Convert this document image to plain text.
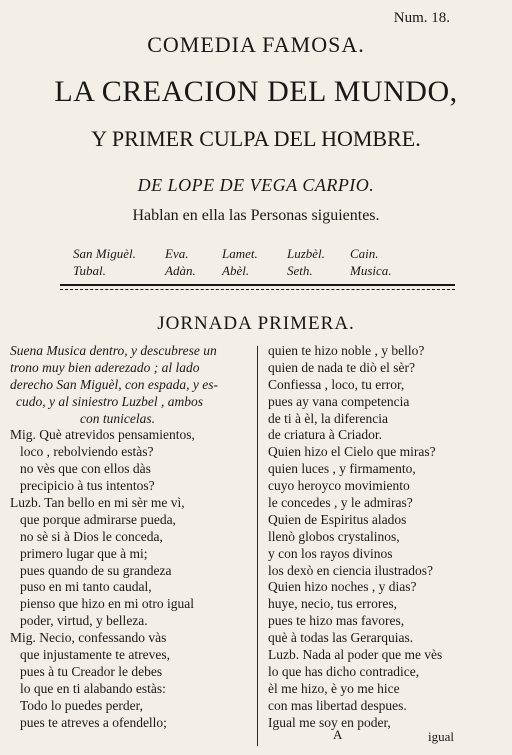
Num. 18.
COMEDIA FAMOSA.
LA CREACION DEL MUNDO,
Y PRIMER CULPA DEL HOMBRE.
DE LOPE DE VEGA CARPIO.
Hablan en ella las Personas siguientes.
San Miguèl.
Tubal.
Eva.
Adàn.
Lamet.
Abèl.
Luzbèl.
Seth.
Cain.
Musica.
JORNADA PRIMERA.
Suena Musica dentro, y descubrese un
trono muy bien aderezado ; al lado
derecho San Miguèl, con espada, y es-
cudo, y al siniestro Luzbel , ambos
con tunicelas.
Mig. Què atrevidos pensamientos,
loco , rebolviendo estàs?
no vès que con ellos dàs
precipicio à tus intentos?
Luzb. Tan bello en mi sèr me vì,
que porque admirarse pueda,
no sè si à Dios le conceda,
primero lugar que à mi;
pues quando de su grandeza
puso en mi tanto caudal,
pienso que hizo en mi otro igual
poder, virtud, y belleza.
Mig. Necio, confessando vàs
que injustamente te atreves,
pues à tu Creador le debes
lo que en ti alabando estàs:
Todo lo puedes perder,
pues te atreves a ofendello;
quien te hizo noble , y bello?
quien de nada te diò el sèr?
Confiessa , loco, tu error,
pues ay vana competencia
de ti à èl, la diferencia
de criatura à Criador.
Quien hizo el Cielo que miras?
quien luces , y firmamento,
cuyo heroyco movimiento
le concedes , y le admiras?
Quien de Espiritus alados
llenò globos crystalinos,
y con los rayos divinos
los dexò en ciencia ilustrados?
Quien hizo noches , y dias?
huye, necio, tus errores,
pues te hizo mas favores,
què à todas las Gerarquias.
Luzb. Nada al poder que me vès
lo que has dicho contradice,
èl me hizo, è yo me hice
con mas libertad despues.
Igual me soy en poder,
igual
A
